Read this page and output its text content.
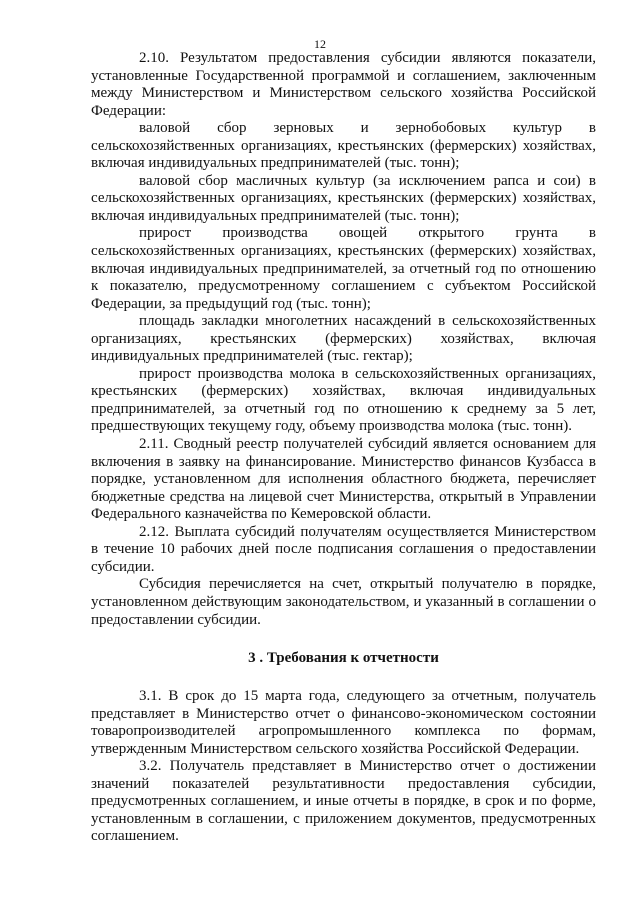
12

2.10. Результатом предоставления субсидии являются показатели, установленные Государственной программой и соглашением, заключенным между Министерством и Министерством сельского хозяйства Российской Федерации:

валовой сбор зерновых и зернобобовых культур в сельскохозяйственных организациях, крестьянских (фермерских) хозяйствах, включая индивидуальных предпринимателей (тыс. тонн);

валовой сбор масличных культур (за исключением рапса и сои) в сельскохозяйственных организациях, крестьянских (фермерских) хозяйствах, включая индивидуальных предпринимателей (тыс. тонн);

прирост производства овощей открытого грунта в сельскохозяйственных организациях, крестьянских (фермерских) хозяйствах, включая индивидуальных предпринимателей, за отчетный год по отношению к показателю, предусмотренному соглашением с субъектом Российской Федерации, за предыдущий год (тыс. тонн);

площадь закладки многолетних насаждений в сельскохозяйственных организациях, крестьянских (фермерских) хозяйствах, включая индивидуальных предпринимателей (тыс. гектар);

прирост производства молока в сельскохозяйственных организациях, крестьянских (фермерских) хозяйствах, включая индивидуальных предпринимателей, за отчетный год по отношению к среднему за 5 лет, предшествующих текущему году, объему производства молока (тыс. тонн).

2.11. Сводный реестр получателей субсидий является основанием для включения в заявку на финансирование. Министерство финансов Кузбасса в порядке, установленном для исполнения областного бюджета, перечисляет бюджетные средства на лицевой счет Министерства, открытый в Управлении Федерального казначейства по Кемеровской области.

2.12. Выплата субсидий получателям осуществляется Министерством в течение 10 рабочих дней после подписания соглашения о предоставлении субсидии.

Субсидия перечисляется на счет, открытый получателю в порядке, установленном действующим законодательством, и указанный в соглашении о предоставлении субсидии.

3 . Требования к отчетности

3.1. В срок до 15 марта года, следующего за отчетным, получатель представляет в Министерство отчет о финансово-экономическом состоянии товаропроизводителей агропромышленного комплекса по формам, утвержденным Министерством сельского хозяйства Российской Федерации.

3.2. Получатель представляет в Министерство отчет о достижении значений показателей результативности предоставления субсидии, предусмотренных соглашением, и иные отчеты в порядке, в срок и по форме, установленным в соглашении, с приложением документов, предусмотренных соглашением.
